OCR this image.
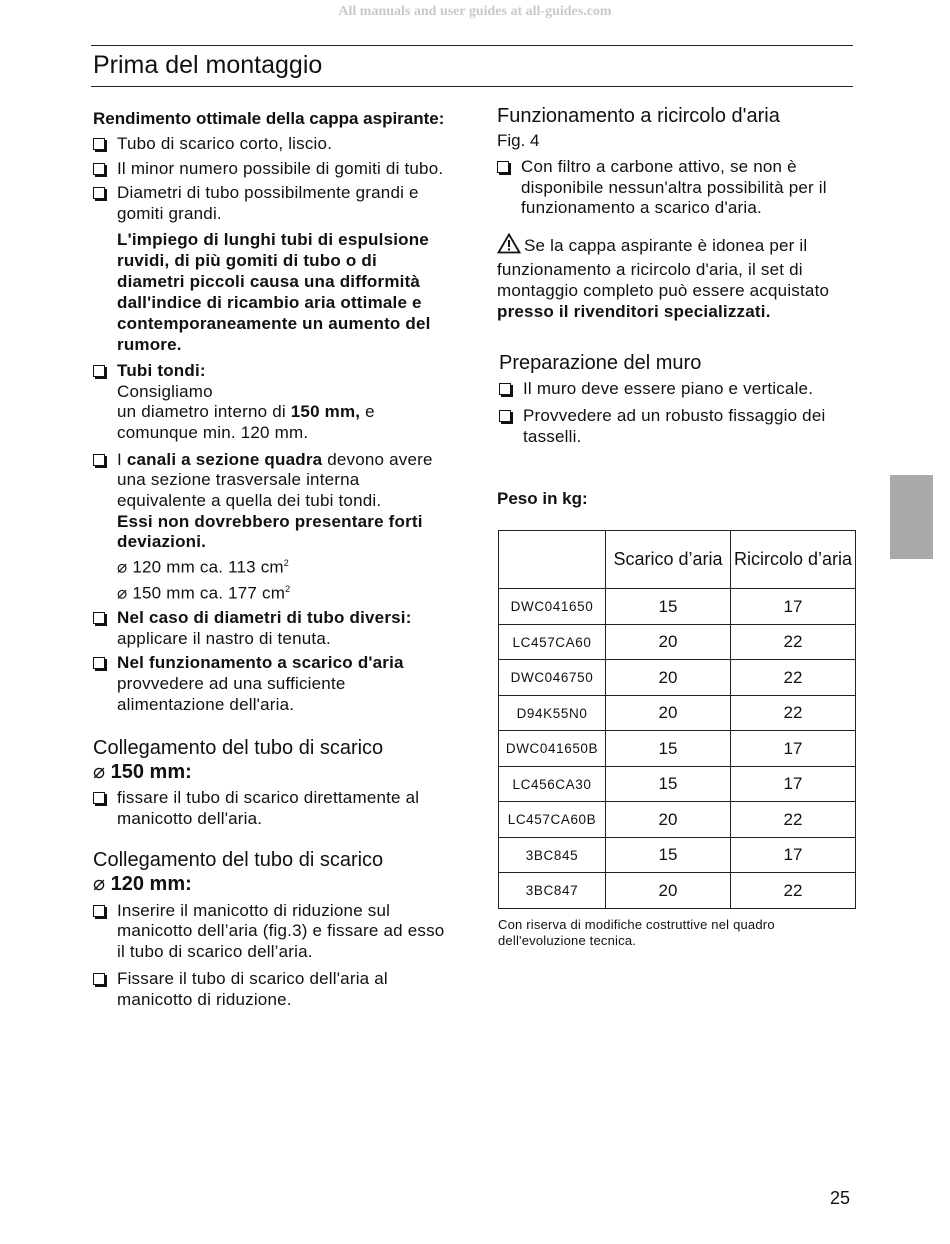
All manuals and user guides at all-guides.com
Prima del montaggio
Rendimento ottimale della cappa aspirante:
Tubo di scarico corto, liscio.
Il minor numero possibile di gomiti di tubo.
Diametri di tubo possibilmente grandi e gomiti grandi.
L'impiego di lunghi tubi di espulsione ruvidi, di più gomiti di tubo o di diametri piccoli causa una difformità dall'indice di ricambio aria ottimale e contemporaneamente un aumento del rumore.
Tubi tondi:
Consigliamo
un diametro interno di 150 mm, e
comunque min. 120 mm.
I canali a sezione quadra devono avere una sezione trasversale interna equivalente a quella dei tubi tondi.
Essi non dovrebbero presentare forti deviazioni.
⌀ 120 mm ca. 113 $cm^2$
⌀ 150 mm ca. 177 $cm^2$
Nel caso di diametri di tubo diversi:
applicare il nastro di tenuta.
Nel funzionamento a scarico d'aria
provvedere ad una sufficiente alimentazione dell'aria.
Collegamento del tubo di scarico
⌀ 150 mm:
fissare il tubo di scarico direttamente al manicotto dell'aria.
Collegamento del tubo di scarico
⌀ 120 mm:
Inserire il manicotto di riduzione sul manicotto dell’aria (fig.3) e fissare ad esso il tubo di scarico dell’aria.
Fissare il tubo di scarico dell'aria al manicotto di riduzione.
Funzionamento a ricircolo d'aria
Fig. 4
Con filtro a carbone attivo, se non è disponibile nessun'altra possibilità per il funzionamento a scarico d'aria.
Se la cappa aspirante è idonea per il funzionamento a ricircolo d'aria, il set di montaggio completo può essere acquistato presso il rivenditori specializzati.
Preparazione del muro
Il muro deve essere piano e verticale.
Provvedere ad un robusto fissaggio dei tasselli.
Peso in kg:
	Scarico d’aria	Ricircolo d’aria
DWC041650	15	17
LC457CA60	20	22
DWC046750	20	22
D94K55N0	20	22
DWC041650B	15	17
LC456CA30	15	17
LC457CA60B	20	22
3BC845	15	17
3BC847	20	22
Con riserva di modifiche costruttive nel quadro dell'evoluzione tecnica.
25
